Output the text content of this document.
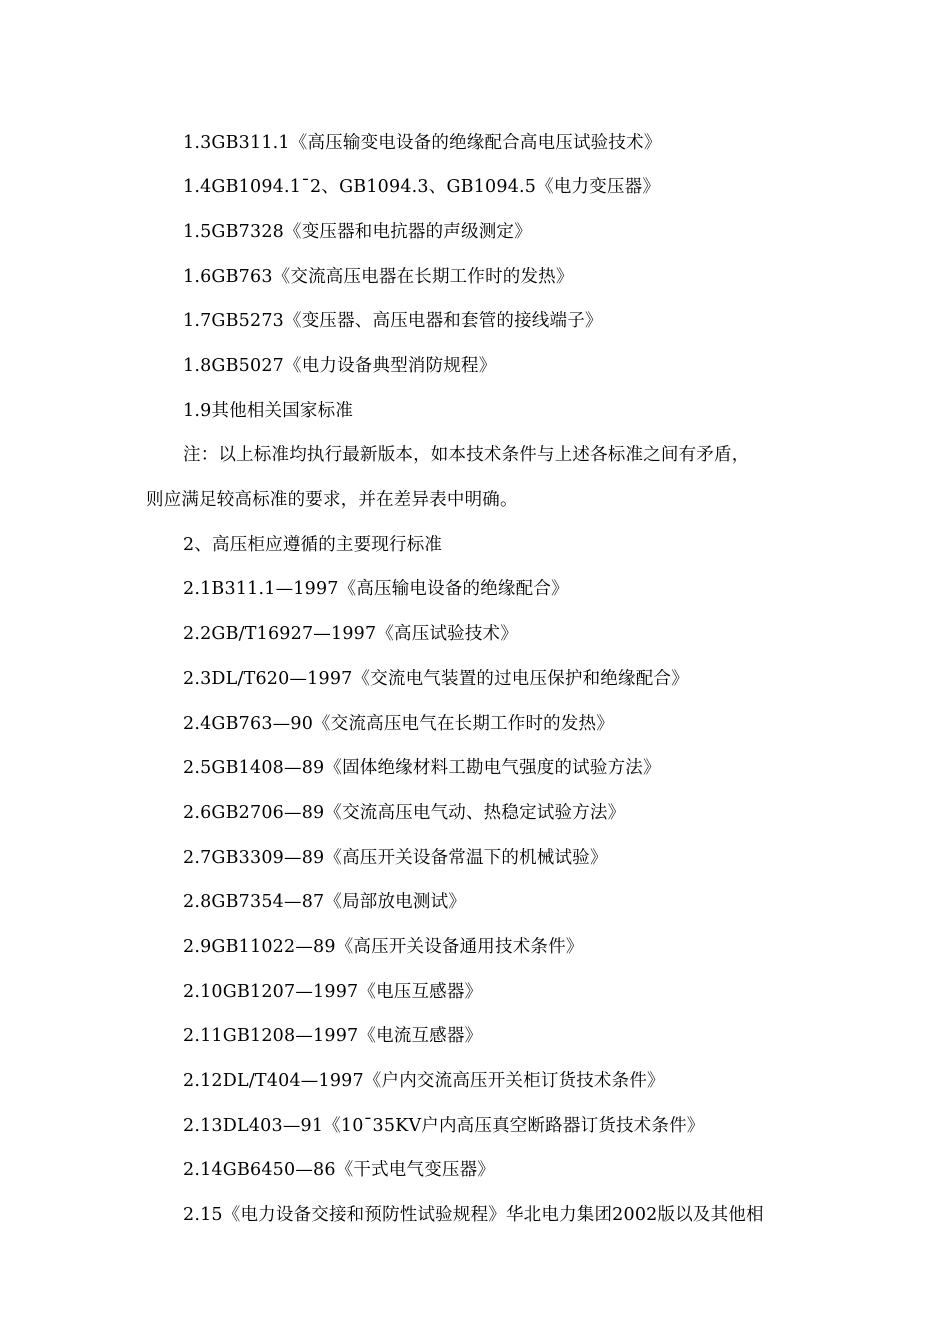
1.3GB311.1《高压输变电设备的绝缘配合高电压试验技术》
1.4GB1094.1¯2、GB1094.3、GB1094.5《电力变压器》
1.5GB7328《变压器和电抗器的声级测定》
1.6GB763《交流高压电器在长期工作时的发热》
1.7GB5273《变压器、高压电器和套管的接线端子》
1.8GB5027《电力设备典型消防规程》
1.9其他相关国家标准
注：以上标准均执行最新版本，如本技术条件与上述各标准之间有矛盾，
则应满足较高标准的要求，并在差异表中明确。
2、高压柜应遵循的主要现行标准
2.1B311.1—1997《高压输电设备的绝缘配合》
2.2GB/T16927—1997《高压试验技术》
2.3DL/T620—1997《交流电气装置的过电压保护和绝缘配合》
2.4GB763—90《交流高压电气在长期工作时的发热》
2.5GB1408—89《固体绝缘材料工勘电气强度的试验方法》
2.6GB2706—89《交流高压电气动、热稳定试验方法》
2.7GB3309—89《高压开关设备常温下的机械试验》
2.8GB7354—87《局部放电测试》
2.9GB11022—89《高压开关设备通用技术条件》
2.10GB1207—1997《电压互感器》
2.11GB1208—1997《电流互感器》
2.12DL/T404—1997《户内交流高压开关柜订货技术条件》
2.13DL403—91《10¯35KV户内高压真空断路器订货技术条件》
2.14GB6450—86《干式电气变压器》
2.15《电力设备交接和预防性试验规程》华北电力集团2002版以及其他相
